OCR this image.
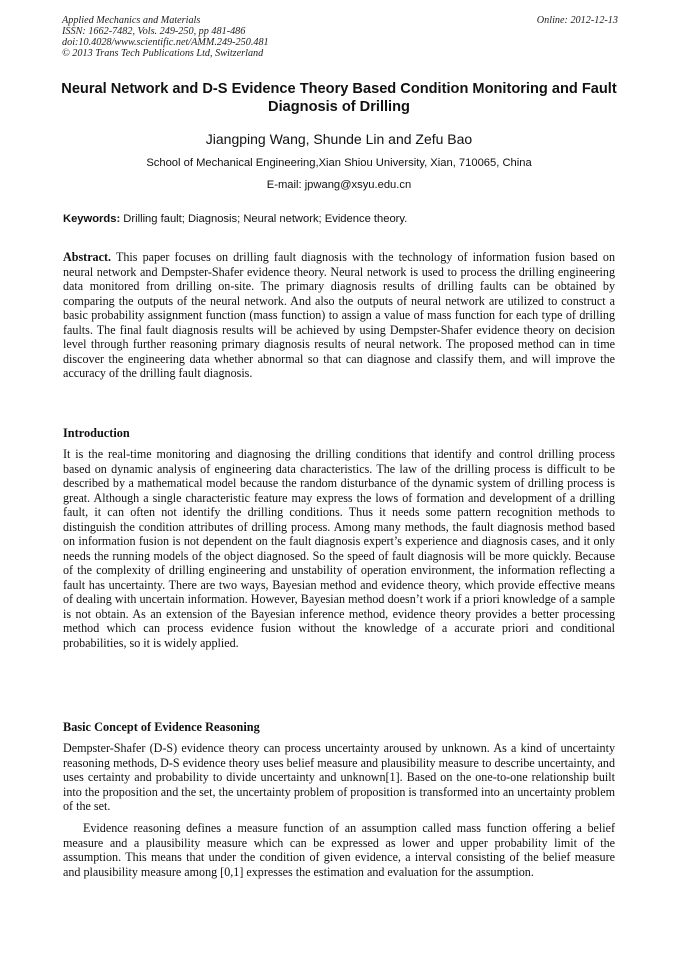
Applied Mechanics and Materials
ISSN: 1662-7482, Vols. 249-250, pp 481-486
doi:10.4028/www.scientific.net/AMM.249-250.481
© 2013 Trans Tech Publications Ltd, Switzerland
Online: 2012-12-13
Neural Network and D-S Evidence Theory Based Condition Monitoring and Fault Diagnosis of Drilling
Jiangping Wang, Shunde Lin and Zefu Bao
School of Mechanical Engineering,Xian Shiou University, Xian, 710065, China
E-mail: jpwang@xsyu.edu.cn
Keywords: Drilling fault; Diagnosis; Neural network; Evidence theory.
Abstract. This paper focuses on drilling fault diagnosis with the technology of information fusion based on neural network and Dempster-Shafer evidence theory. Neural network is used to process the drilling engineering data monitored from drilling on-site. The primary diagnosis results of drilling faults can be obtained by comparing the outputs of the neural network. And also the outputs of neural network are utilized to construct a basic probability assignment function (mass function) to assign a value of mass function for each type of drilling faults. The final fault diagnosis results will be achieved by using Dempster-Shafer evidence theory on decision level through further reasoning primary diagnosis results of neural network. The proposed method can in time discover the engineering data whether abnormal so that can diagnose and classify them, and will improve the accuracy of the drilling fault diagnosis.
Introduction
It is the real-time monitoring and diagnosing the drilling conditions that identify and control drilling process based on dynamic analysis of engineering data characteristics. The law of the drilling process is difficult to be described by a mathematical model because the random disturbance of the dynamic system of drilling process is great. Although a single characteristic feature may express the lows of formation and development of a drilling fault, it can often not identify the drilling conditions. Thus it needs some pattern recognition methods to distinguish the condition attributes of drilling process. Among many methods, the fault diagnosis method based on information fusion is not dependent on the fault diagnosis expert’s experience and diagnosis cases, and it only needs the running models of the object diagnosed. So the speed of fault diagnosis will be more quickly. Because of the complexity of drilling engineering and unstability of operation environment, the information reflecting a fault has uncertainty. There are two ways, Bayesian method and evidence theory, which provide effective means of dealing with uncertain information. However, Bayesian method doesn’t work if a priori knowledge of a sample is not obtain. As an extension of the Bayesian inference method, evidence theory provides a better processing method which can process evidence fusion without the knowledge of a accurate priori and conditional probabilities, so it is widely applied.
Basic Concept of Evidence Reasoning
Dempster-Shafer (D-S) evidence theory can process uncertainty aroused by unknown. As a kind of uncertainty reasoning methods, D-S evidence theory uses belief measure and plausibility measure to describe uncertainty, and uses certainty and probability to divide uncertainty and unknown[1]. Based on the one-to-one relationship built into the proposition and the set, the uncertainty problem of proposition is transformed into an uncertainty problem of the set.
Evidence reasoning defines a measure function of an assumption called mass function offering a belief measure and a plausibility measure which can be expressed as lower and upper probability limit of the assumption. This means that under the condition of given evidence, a interval consisting of the belief measure and plausibility measure among [0,1] expresses the estimation and evaluation for the assumption.
